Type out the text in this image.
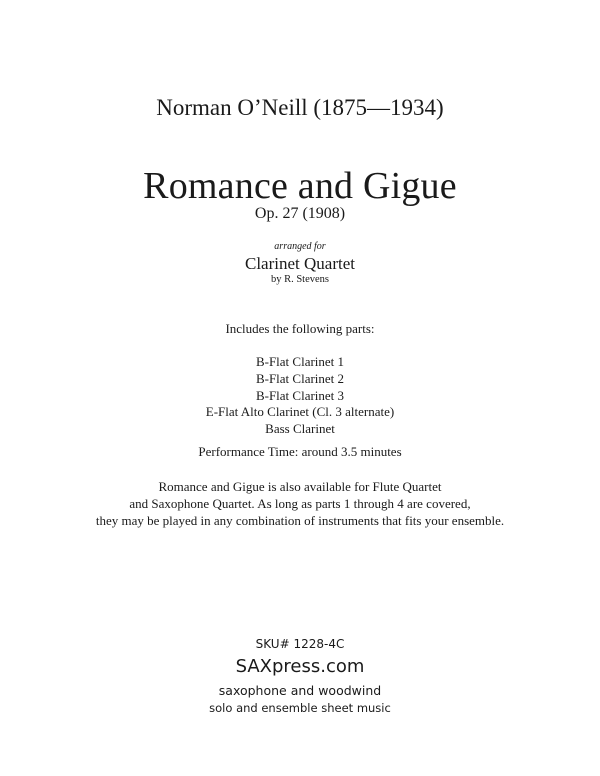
Norman O’Neill (1875—1934)
Romance and Gigue
Op. 27 (1908)
arranged for
Clarinet Quartet
by R. Stevens
Includes the following parts:
B-Flat Clarinet 1
B-Flat Clarinet 2
B-Flat Clarinet 3
E-Flat Alto Clarinet (Cl. 3 alternate)
Bass Clarinet
Performance Time: around 3.5 minutes
Romance and Gigue is also available for Flute Quartet
and Saxophone Quartet. As long as parts 1 through 4 are covered,
they may be played in any combination of instruments that fits your ensemble.
SKU# 1228-4C
SAXpress.com
saxophone and woodwind
solo and ensemble sheet music
